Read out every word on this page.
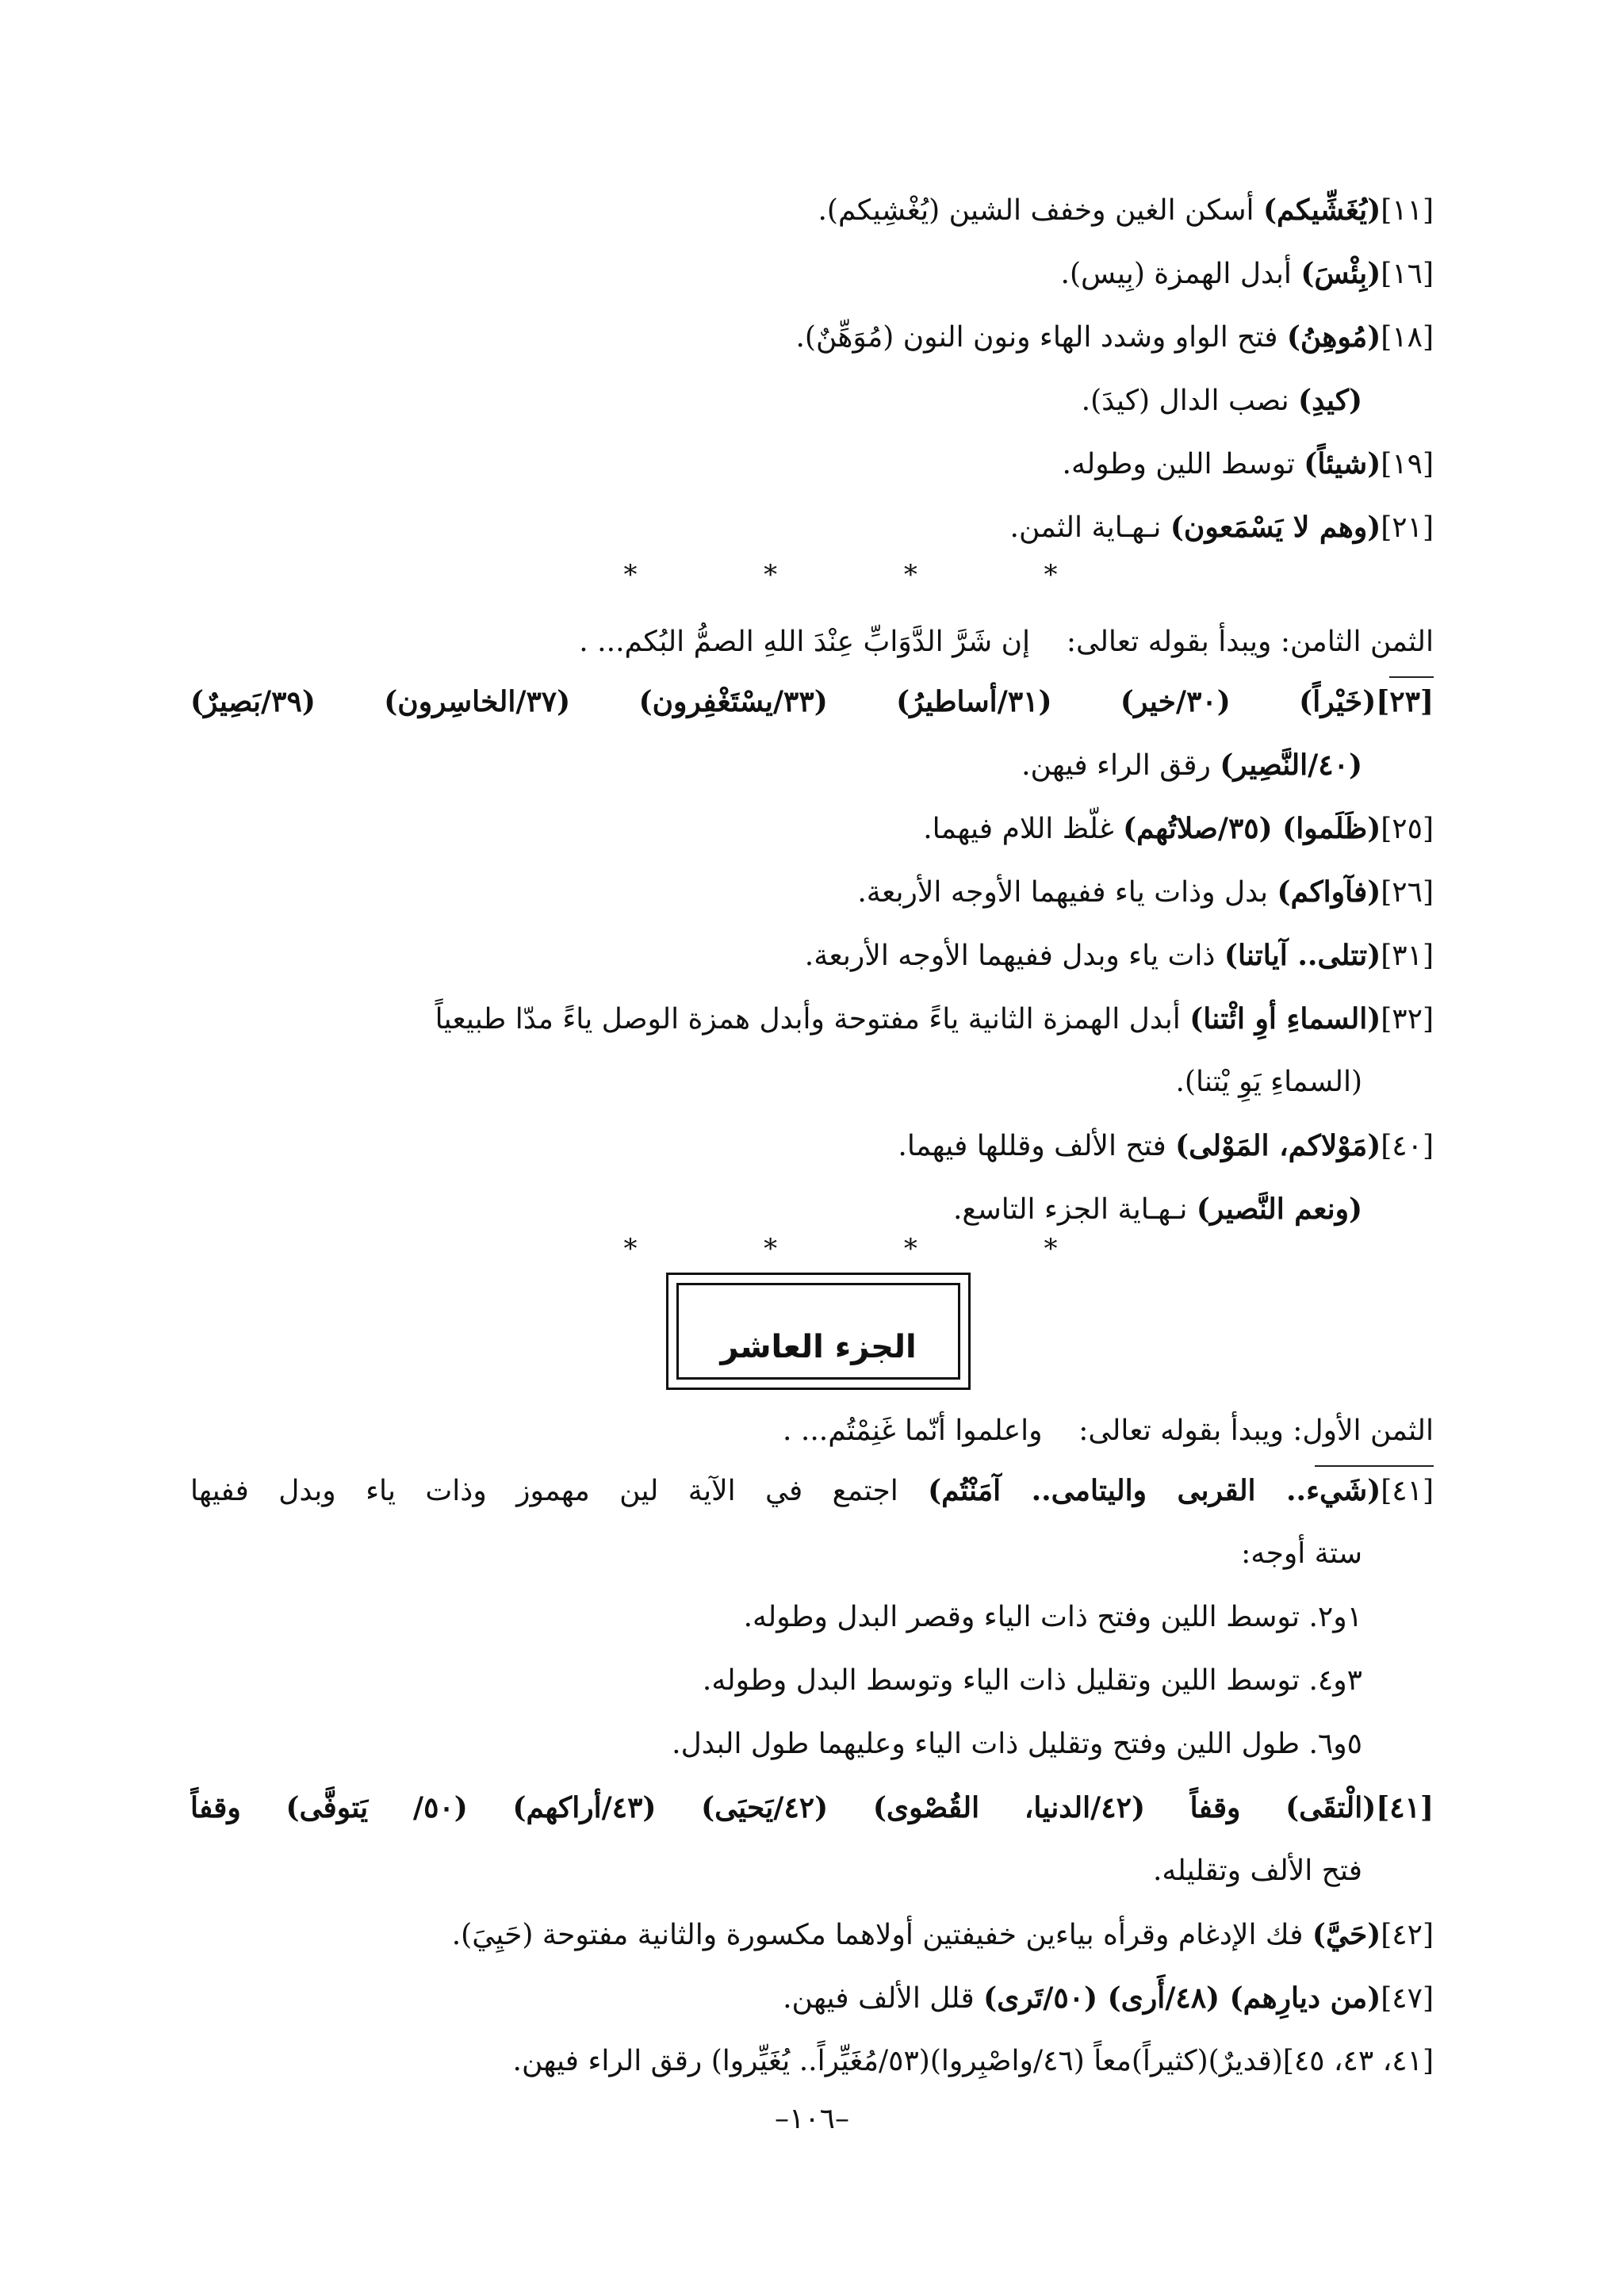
[١١](يُغَشِّيكم) أسكن الغين وخفف الشين (يُغْشِيكم).
[١٦](بِئْسَ) أبدل الهمزة (بِيس).
[١٨](مُوهِنُ) فتح الواو وشدد الهاء ونون النون (مُوَهِّنٌ).
(كيدِ) نصب الدال (كيدَ).
[١٩](شيئاً) توسط اللين وطوله.
[٢١](وهم لا يَسْمَعون) نـهـاية الثمن.
*	*	*	*
الثمن الثامن: ويبدأ بقوله تعالى:    إن شَرَّ الدَّوَابِّ عِنْدَ اللهِ الصمُّ البُكم... .
[٢٣](خَيْراً) (٣٠/خير) (٣١/أساطيرُ) (٣٣/يسْتَغْفِرون) (٣٧/الخاسِرون) (٣٩/بَصِيرٌ)
(٤٠/النَّصِير) رقق الراء فيهن.
[٢٥](ظَلَموا) (٣٥/صلاتُهم) غلّظ اللام فيهما.
[٢٦](فآواكم) بدل وذات ياء ففيهما الأوجه الأربعة.
[٣١](تتلى.. آياتنا) ذات ياء وبدل ففيهما الأوجه الأربعة.
[٣٢](السماءِ أوِ ائْتنا) أبدل الهمزة الثانية ياءً مفتوحة وأبدل همزة الوصل ياءً مدّا طبيعياً
(السماءِ يَوِ يْتنا).
[٤٠](مَوْلاكم، المَوْلى) فتح الألف وقللها فيهما.
(ونعم النَّصير) نـهـاية الجزء التاسع.
*	*	*	*
الجزء العاشر
الثمن الأول: ويبدأ بقوله تعالى:    واعلموا أنّما غَنِمْتُم... .
[٤١](شَيء.. القربى واليتامى.. آمَنْتُم) اجتمع في الآية لين مهموز وذات ياء وبدل ففيها
ستة أوجه:
١و٢. توسط اللين وفتح ذات الياء وقصر البدل وطوله.
٣و٤. توسط اللين وتقليل ذات الياء وتوسط البدل وطوله.
٥و٦. طول اللين وفتح وتقليل ذات الياء وعليهما طول البدل.
[٤١](الْتقَى) وقفاً (٤٢/الدنيا، القُصْوى) (٤٢/يَحيَى) (٤٣/أراكهم) (٥٠/ يَتوفَّى) وقفاً
فتح الألف وتقليله.
[٤٢](حَيَّ) فك الإدغام وقرأه بياءين خفيفتين أولاهما مكسورة والثانية مفتوحة (حَيِيَ).
[٤٧](من ديارِهم) (٤٨/أَرى) (٥٠/تَرى) قلل الألف فيهن.
[٤١، ٤٣، ٤٥](قديرٌ)(كثيراً)معاً (٤٦/واصْبِروا)(٥٣/مُغَيِّراً.. يُغَيِّروا) رقق الراء فيهن.
–١٠٦–
